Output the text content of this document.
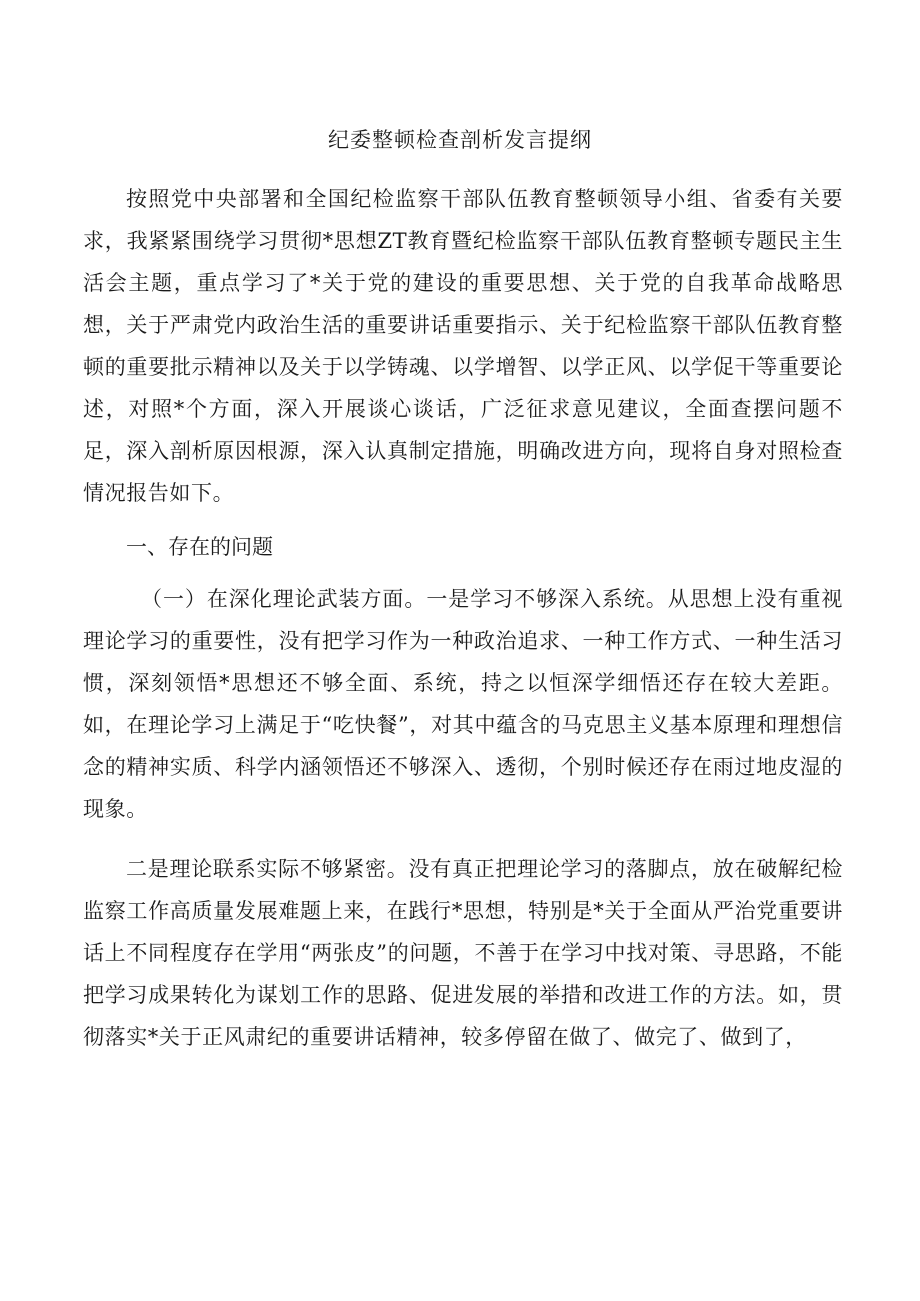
纪委整顿检查剖析发言提纲

按照党中央部署和全国纪检监察干部队伍教育整顿领导小组、省委有关要求，我紧紧围绕学习贯彻*思想ZT教育暨纪检监察干部队伍教育整顿专题民主生活会主题，重点学习了*关于党的建设的重要思想、关于党的自我革命战略思想，关于严肃党内政治生活的重要讲话重要指示、关于纪检监察干部队伍教育整顿的重要批示精神以及关于以学铸魂、以学增智、以学正风、以学促干等重要论述，对照*个方面，深入开展谈心谈话，广泛征求意见建议，全面查摆问题不足，深入剖析原因根源，深入认真制定措施，明确改进方向，现将自身对照检查情况报告如下。

一、存在的问题

（一）在深化理论武装方面。一是学习不够深入系统。从思想上没有重视理论学习的重要性，没有把学习作为一种政治追求、一种工作方式、一种生活习惯，深刻领悟*思想还不够全面、系统，持之以恒深学细悟还存在较大差距。如，在理论学习上满足于“吃快餐”，对其中蕴含的马克思主义基本原理和理想信念的精神实质、科学内涵领悟还不够深入、透彻，个别时候还存在雨过地皮湿的现象。

二是理论联系实际不够紧密。没有真正把理论学习的落脚点，放在破解纪检监察工作高质量发展难题上来，在践行*思想，特别是*关于全面从严治党重要讲话上不同程度存在学用“两张皮”的问题，不善于在学习中找对策、寻思路，不能把学习成果转化为谋划工作的思路、促进发展的举措和改进工作的方法。如，贯彻落实*关于正风肃纪的重要讲话精神，较多停留在做了、做完了、做到了，
